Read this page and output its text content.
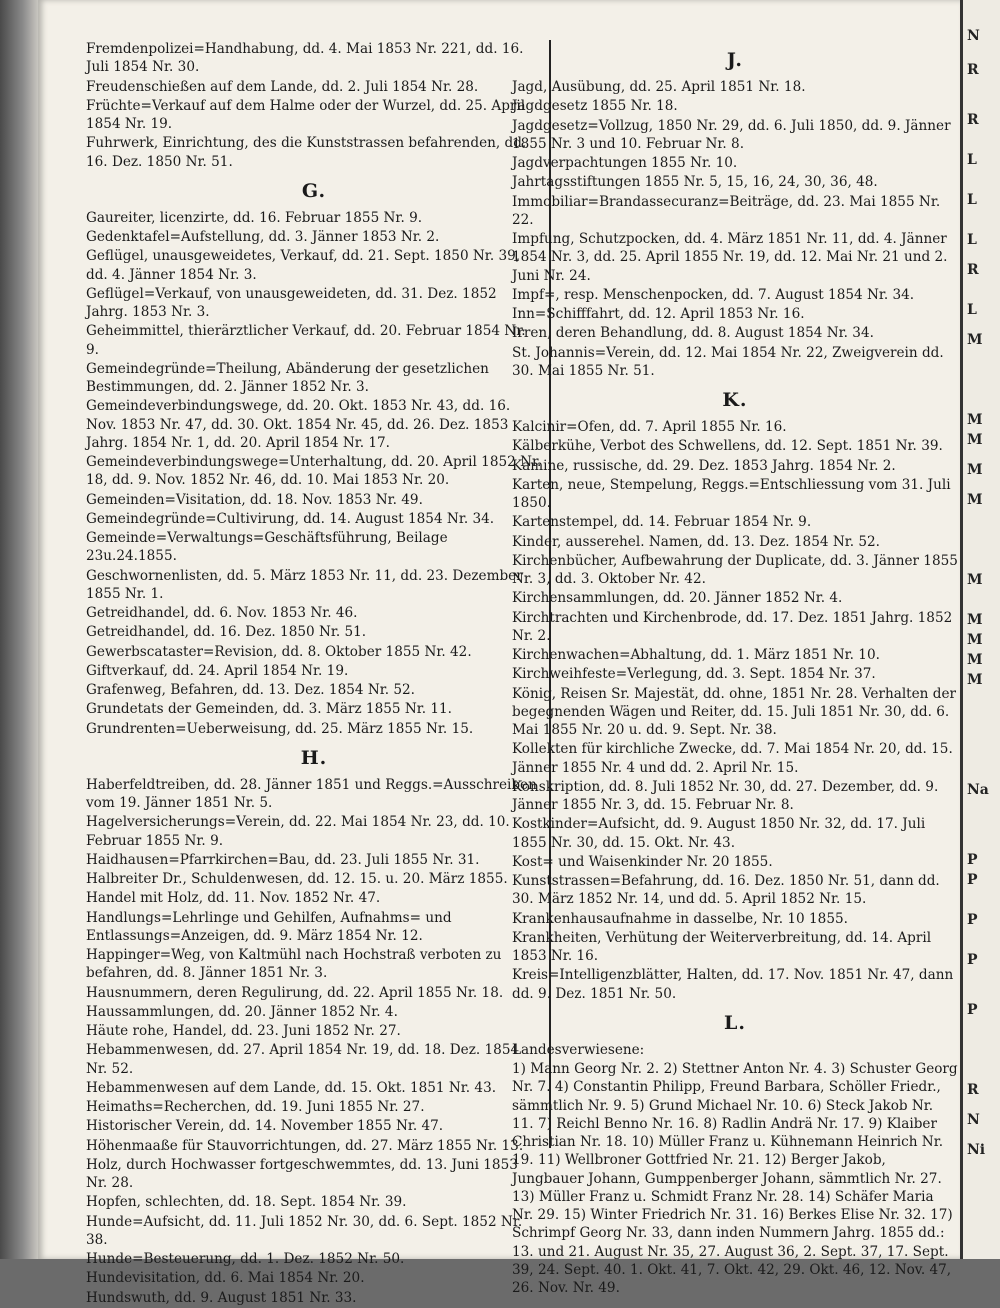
N
R
R
L
L
L
R
L
M
M
M
M
M
M
M
M
M
M
Na
P
P
P
P
P
R
N
Ni
Fremdenpolizei=Handhabung, dd. 4. Mai 1853 Nr. 221, dd. 16. Juli 1854 Nr. 30.
Freudenschießen auf dem Lande, dd. 2. Juli 1854 Nr. 28.
Früchte=Verkauf auf dem Halme oder der Wurzel, dd. 25. April 1854 Nr. 19.
Fuhrwerk, Einrichtung, des die Kunststrassen befahrenden, dd. 16. Dez. 1850 Nr. 51.
G.
Gaureiter, licenzirte, dd. 16. Februar 1855 Nr. 9.
Gedenktafel=Aufstellung, dd. 3. Jänner 1853 Nr. 2.
Geflügel, unausgeweidetes, Verkauf, dd. 21. Sept. 1850 Nr. 39, dd. 4. Jänner 1854 Nr. 3.
Geflügel=Verkauf, von unausgeweideten, dd. 31. Dez. 1852 Jahrg. 1853 Nr. 3.
Geheimmittel, thierärztlicher Verkauf, dd. 20. Februar 1854 Nr. 9.
Gemeindegründe=Theilung, Abänderung der gesetzlichen Bestimmungen, dd. 2. Jänner 1852 Nr. 3.
Gemeindeverbindungswege, dd. 20. Okt. 1853 Nr. 43, dd. 16. Nov. 1853 Nr. 47, dd. 30. Okt. 1854 Nr. 45, dd. 26. Dez. 1853 Jahrg. 1854 Nr. 1, dd. 20. April 1854 Nr. 17.
Gemeindeverbindungswege=Unterhaltung, dd. 20. April 1852 Nr. 18, dd. 9. Nov. 1852 Nr. 46, dd. 10. Mai 1853 Nr. 20.
Gemeinden=Visitation, dd. 18. Nov. 1853 Nr. 49.
Gemeindegründe=Cultivirung, dd. 14. August 1854 Nr. 34.
Gemeinde=Verwaltungs=Geschäftsführung, Beilage 23u.24.1855.
Geschwornenlisten, dd. 5. März 1853 Nr. 11, dd. 23. Dezember 1855 Nr. 1.
Getreidhandel, dd. 6. Nov. 1853 Nr. 46.
Getreidhandel, dd. 16. Dez. 1850 Nr. 51.
Gewerbscataster=Revision, dd. 8. Oktober 1855 Nr. 42.
Giftverkauf, dd. 24. April 1854 Nr. 19.
Grafenweg, Befahren, dd. 13. Dez. 1854 Nr. 52.
Grundetats der Gemeinden, dd. 3. März 1855 Nr. 11.
Grundrenten=Ueberweisung, dd. 25. März 1855 Nr. 15.
H.
Haberfeldtreiben, dd. 28. Jänner 1851 und Reggs.=Ausschreiben vom 19. Jänner 1851 Nr. 5.
Hagelversicherungs=Verein, dd. 22. Mai 1854 Nr. 23, dd. 10. Februar 1855 Nr. 9.
Haidhausen=Pfarrkirchen=Bau, dd. 23. Juli 1855 Nr. 31.
Halbreiter Dr., Schuldenwesen, dd. 12. 15. u. 20. März 1855.
Handel mit Holz, dd. 11. Nov. 1852 Nr. 47.
Handlungs=Lehrlinge und Gehilfen, Aufnahms= und Entlassungs=Anzeigen, dd. 9. März 1854 Nr. 12.
Happinger=Weg, von Kaltmühl nach Hochstraß verboten zu befahren, dd. 8. Jänner 1851 Nr. 3.
Hausnummern, deren Regulirung, dd. 22. April 1855 Nr. 18.
Haussammlungen, dd. 20. Jänner 1852 Nr. 4.
Häute rohe, Handel, dd. 23. Juni 1852 Nr. 27.
Hebammenwesen, dd. 27. April 1854 Nr. 19, dd. 18. Dez. 1854 Nr. 52.
Hebammenwesen auf dem Lande, dd. 15. Okt. 1851 Nr. 43.
Heimaths=Recherchen, dd. 19. Juni 1855 Nr. 27.
Historischer Verein, dd. 14. November 1855 Nr. 47.
Höhenmaaße für Stauvorrichtungen, dd. 27. März 1855 Nr. 13.
Holz, durch Hochwasser fortgeschwemmtes, dd. 13. Juni 1853 Nr. 28.
Hopfen, schlechten, dd. 18. Sept. 1854 Nr. 39.
Hunde=Aufsicht, dd. 11. Juli 1852 Nr. 30, dd. 6. Sept. 1852 Nr. 38.
Hunde=Besteuerung, dd. 1. Dez. 1852 Nr. 50.
Hundevisitation, dd. 6. Mai 1854 Nr. 20.
Hundswuth, dd. 9. August 1851 Nr. 33.
J.
Jagd, Ausübung, dd. 25. April 1851 Nr. 18.
Jagdgesetz 1855 Nr. 18.
Jagdgesetz=Vollzug, 1850 Nr. 29, dd. 6. Juli 1850, dd. 9. Jänner 1855 Nr. 3 und 10. Februar Nr. 8.
Jagdverpachtungen 1855 Nr. 10.
Jahrtagsstiftungen 1855 Nr. 5, 15, 16, 24, 30, 36, 48.
Immobiliar=Brandassecuranz=Beiträge, dd. 23. Mai 1855 Nr. 22.
Impfung, Schutzpocken, dd. 4. März 1851 Nr. 11, dd. 4. Jänner 1854 Nr. 3, dd. 25. April 1855 Nr. 19, dd. 12. Mai Nr. 21 und 2. Juni Nr. 24.
Impf=, resp. Menschenpocken, dd. 7. August 1854 Nr. 34.
Inn=Schifffahrt, dd. 12. April 1853 Nr. 16.
Irren, deren Behandlung, dd. 8. August 1854 Nr. 34.
St. Johannis=Verein, dd. 12. Mai 1854 Nr. 22, Zweigverein dd. 30. Mai 1855 Nr. 51.
K.
Kalcinir=Ofen, dd. 7. April 1855 Nr. 16.
Kälberkühe, Verbot des Schwellens, dd. 12. Sept. 1851 Nr. 39.
Kamine, russische, dd. 29. Dez. 1853 Jahrg. 1854 Nr. 2.
Karten, neue, Stempelung, Reggs.=Entschliessung vom 31. Juli 1850.
Kartenstempel, dd. 14. Februar 1854 Nr. 9.
Kinder, ausserehel. Namen, dd. 13. Dez. 1854 Nr. 52.
Kirchenbücher, Aufbewahrung der Duplicate, dd. 3. Jänner 1855 Nr. 3, dd. 3. Oktober Nr. 42.
Kirchensammlungen, dd. 20. Jänner 1852 Nr. 4.
Kirchtrachten und Kirchenbrode, dd. 17. Dez. 1851 Jahrg. 1852 Nr. 2.
Kirchenwachen=Abhaltung, dd. 1. März 1851 Nr. 10.
Kirchweihfeste=Verlegung, dd. 3. Sept. 1854 Nr. 37.
König, Reisen Sr. Majestät, dd. ohne, 1851 Nr. 28. Verhalten der begegnenden Wägen und Reiter, dd. 15. Juli 1851 Nr. 30, dd. 6. Mai 1855 Nr. 20 u. dd. 9. Sept. Nr. 38.
Kollekten für kirchliche Zwecke, dd. 7. Mai 1854 Nr. 20, dd. 15. Jänner 1855 Nr. 4 und dd. 2. April Nr. 15.
Konskription, dd. 8. Juli 1852 Nr. 30, dd. 27. Dezember, dd. 9. Jänner 1855 Nr. 3, dd. 15. Februar Nr. 8.
Kostkinder=Aufsicht, dd. 9. August 1850 Nr. 32, dd. 17. Juli 1855 Nr. 30, dd. 15. Okt. Nr. 43.
Kost= und Waisenkinder Nr. 20 1855.
Kunststrassen=Befahrung, dd. 16. Dez. 1850 Nr. 51, dann dd. 30. März 1852 Nr. 14, und dd. 5. April 1852 Nr. 15.
Krankenhausaufnahme in dasselbe, Nr. 10 1855.
Krankheiten, Verhütung der Weiterverbreitung, dd. 14. April 1853 Nr. 16.
Kreis=Intelligenzblätter, Halten, dd. 17. Nov. 1851 Nr. 47, dann dd. 9. Dez. 1851 Nr. 50.
L.
Landesverwiesene:
1) Mann Georg Nr. 2. 2) Stettner Anton Nr. 4. 3) Schuster Georg Nr. 7. 4) Constantin Philipp, Freund Barbara, Schöller Friedr., sämmtlich Nr. 9. 5) Grund Michael Nr. 10. 6) Steck Jakob Nr. 11. 7) Reichl Benno Nr. 16. 8) Radlin Andrä Nr. 17. 9) Klaiber Christian Nr. 18. 10) Müller Franz u. Kühnemann Heinrich Nr. 19. 11) Wellbroner Gottfried Nr. 21. 12) Berger Jakob, Jungbauer Johann, Gumppenberger Johann, sämmtlich Nr. 27. 13) Müller Franz u. Schmidt Franz Nr. 28. 14) Schäfer Maria Nr. 29. 15) Winter Friedrich Nr. 31. 16) Berkes Elise Nr. 32. 17) Schrimpf Georg Nr. 33, dann inden Nummern Jahrg. 1855 dd.: 13. und 21. August Nr. 35, 27. August 36, 2. Sept. 37, 17. Sept. 39, 24. Sept. 40. 1. Okt. 41, 7. Okt. 42, 29. Okt. 46, 12. Nov. 47, 26. Nov. Nr. 49.
